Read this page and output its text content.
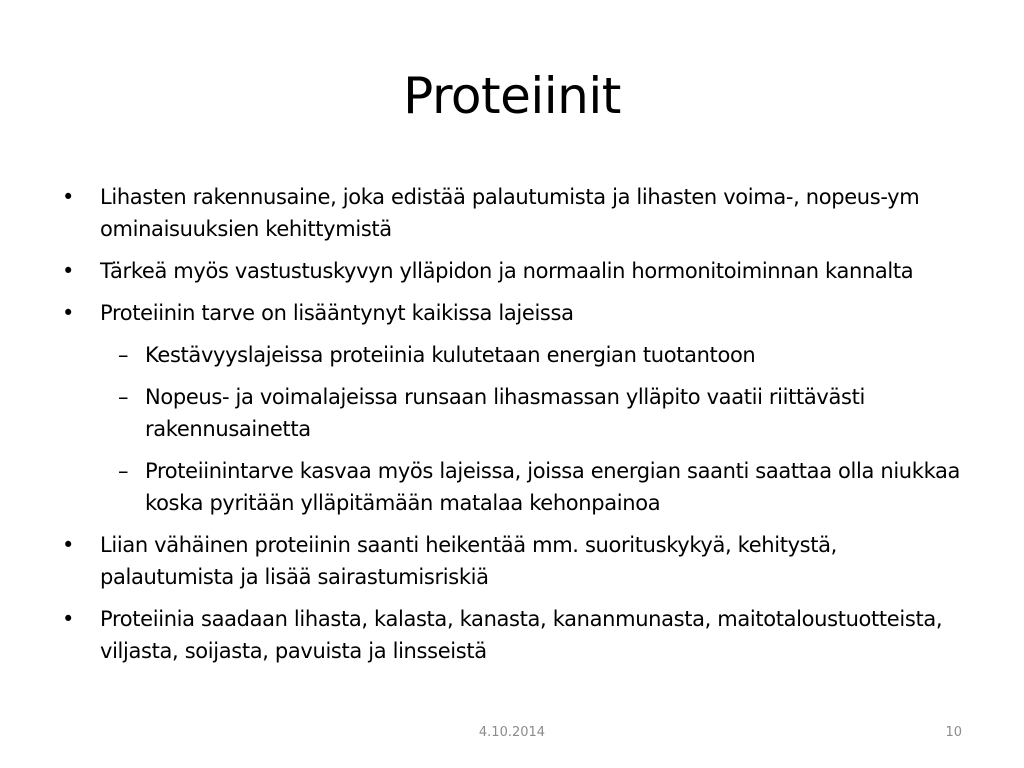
Proteiinit
• Lihasten rakennusaine, joka edistää palautumista ja lihasten voima-, nopeus-ym ominaisuuksien kehittymistä
• Tärkeä myös vastustuskyvyn ylläpidon ja normaalin hormonitoiminnan kannalta
• Proteiinin tarve on lisääntynyt kaikissa lajeissa
– Kestävyyslajeissa proteiinia kulutetaan energian tuotantoon
– Nopeus- ja voimalajeissa runsaan lihasmassan ylläpito vaatii riittävästi rakennusainetta
– Proteiinintarve kasvaa myös lajeissa, joissa energian saanti saattaa olla niukkaa koska pyritään ylläpitämään matalaa kehonpainoa
• Liian vähäinen proteiinin saanti heikentää mm. suorituskykyä, kehitystä, palautumista ja lisää sairastumisriskiä
• Proteiinia saadaan lihasta, kalasta, kanasta, kananmunasta, maitotaloustuotteista, viljasta, soijasta, pavuista ja linsseistä
4.10.2014	10
